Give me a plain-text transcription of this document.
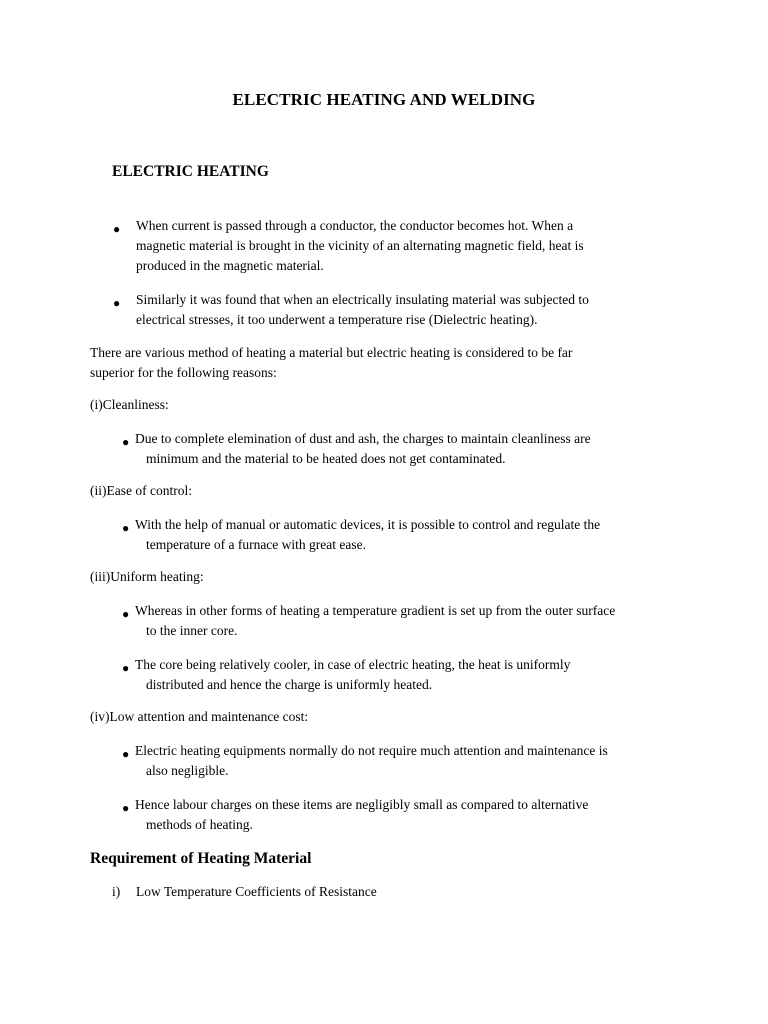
ELECTRIC HEATING AND WELDING
ELECTRIC HEATING
● When current is passed through a conductor, the conductor becomes hot. When a
magnetic material is brought in the vicinity of an alternating magnetic field, heat is
produced in the magnetic material.
● Similarly it was found that when an electrically insulating material was subjected to
electrical stresses, it too underwent a temperature rise (Dielectric heating).
There are various method of heating a material but electric heating is considered to be far
superior for the following reasons:
(i)Cleanliness:
● Due to complete elemination of dust and ash, the charges to maintain cleanliness are
minimum and the material to be heated does not get contaminated.
(ii)Ease of control:
● With the help of manual or automatic devices, it is possible to control and regulate the
temperature of a furnace with great ease.
(iii)Uniform heating:
● Whereas in other forms of heating a temperature gradient is set up from the outer surface
to the inner core.
● The core being relatively cooler, in case of electric heating, the heat is uniformly
distributed and hence the charge is uniformly heated.
(iv)Low attention and maintenance cost:
● Electric heating equipments normally do not require much attention and maintenance is
also negligible.
● Hence labour charges on these items are negligibly small as compared to alternative
methods of heating.
Requirement of Heating Material
i) Low Temperature Coefficients of Resistance
